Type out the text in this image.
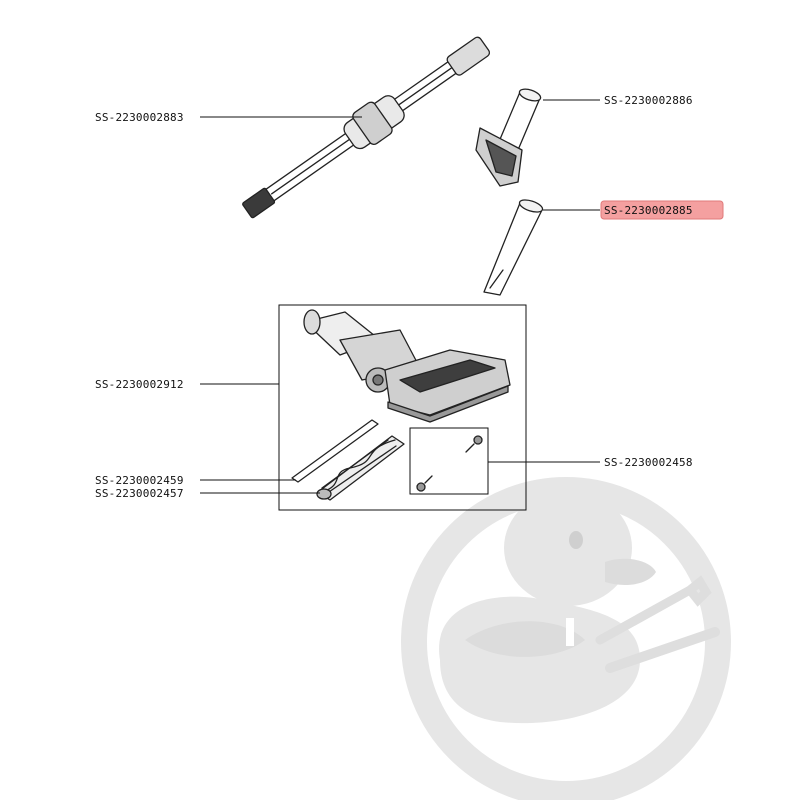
SS-2230002883
SS-2230002886
SS-2230002885
SS-2230002912
SS-2230002458
SS-2230002459
SS-2230002457
